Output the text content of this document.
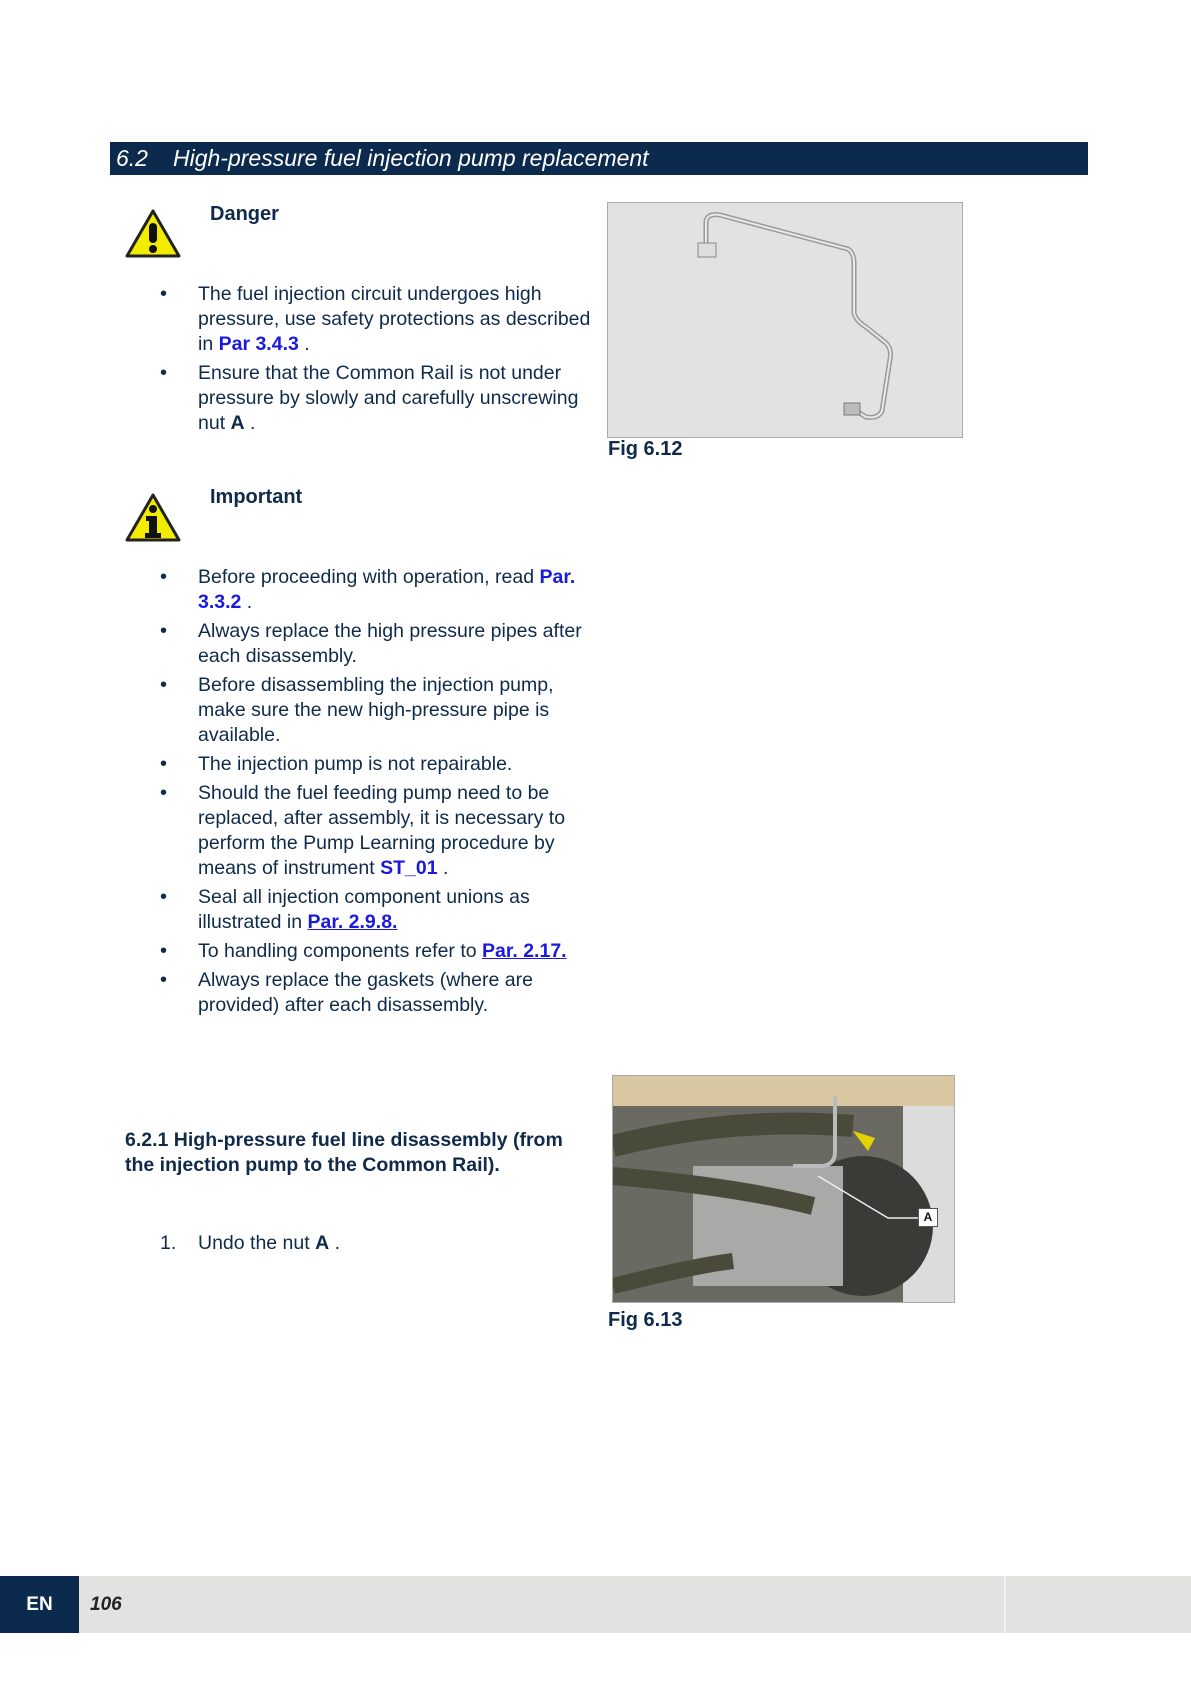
6.2 High-pressure fuel injection pump replacement
Danger
• The fuel injection circuit undergoes high pressure, use safety protections as described in Par 3.4.3 .
• Ensure that the Common Rail is not under pressure by slowly and carefully unscrewing nut A .
Fig 6.12
Important
• Before proceeding with operation, read Par. 3.3.2 .
• Always replace the high pressure pipes after each disassembly.
• Before disassembling the injection pump, make sure the new high-pressure pipe is available.
• The injection pump is not repairable.
• Should the fuel feeding pump need to be replaced, after assembly, it is necessary to perform the Pump Learning procedure by means of instrument ST_01 .
• Seal all injection component unions as illustrated in Par. 2.9.8.
• To handling components refer to Par. 2.17.
• Always replace the gaskets (where are provided) after each disassembly.
6.2.1 High-pressure fuel line disassembly (from the injection pump to the Common Rail).
1. Undo the nut A .
A
Fig 6.13
EN	106
